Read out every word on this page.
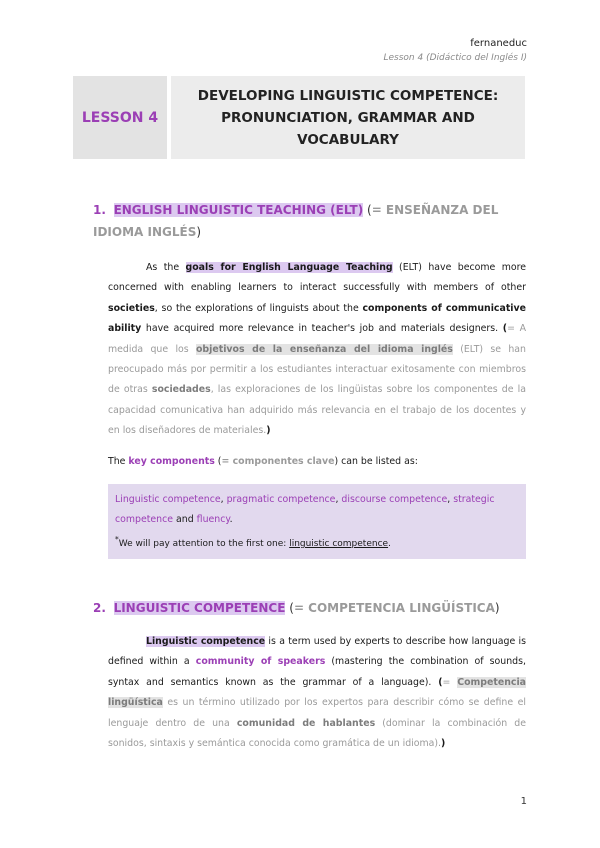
fernaneduc
Lesson 4 (Didáctico del Inglés I)
LESSON 4
DEVELOPING LINGUISTIC COMPETENCE: PRONUNCIATION, GRAMMAR AND VOCABULARY
1. ENGLISH LINGUISTIC TEACHING (ELT) (= ENSEÑANZA DEL IDIOMA INGLÉS)
As the goals for English Language Teaching (ELT) have become more concerned with enabling learners to interact successfully with members of other societies, so the explorations of linguists about the components of communicative ability have acquired more relevance in teacher's job and materials designers. (= A medida que los objetivos de la enseñanza del idioma inglés (ELT) se han preocupado más por permitir a los estudiantes interactuar exitosamente con miembros de otras sociedades, las exploraciones de los lingüistas sobre los componentes de la capacidad comunicativa han adquirido más relevancia en el trabajo de los docentes y en los diseñadores de materiales.)
The key components (= componentes clave) can be listed as:
Linguistic competence, pragmatic competence, discourse competence, strategic competence and fluency.
*We will pay attention to the first one: linguistic competence.
2. LINGUISTIC COMPETENCE (= COMPETENCIA LINGÜÍSTICA)
Linguistic competence is a term used by experts to describe how language is defined within a community of speakers (mastering the combination of sounds, syntax and semantics known as the grammar of a language). (= Competencia lingüística es un término utilizado por los expertos para describir cómo se define el lenguaje dentro de una comunidad de hablantes (dominar la combinación de sonidos, sintaxis y semántica conocida como gramática de un idioma).)
1
